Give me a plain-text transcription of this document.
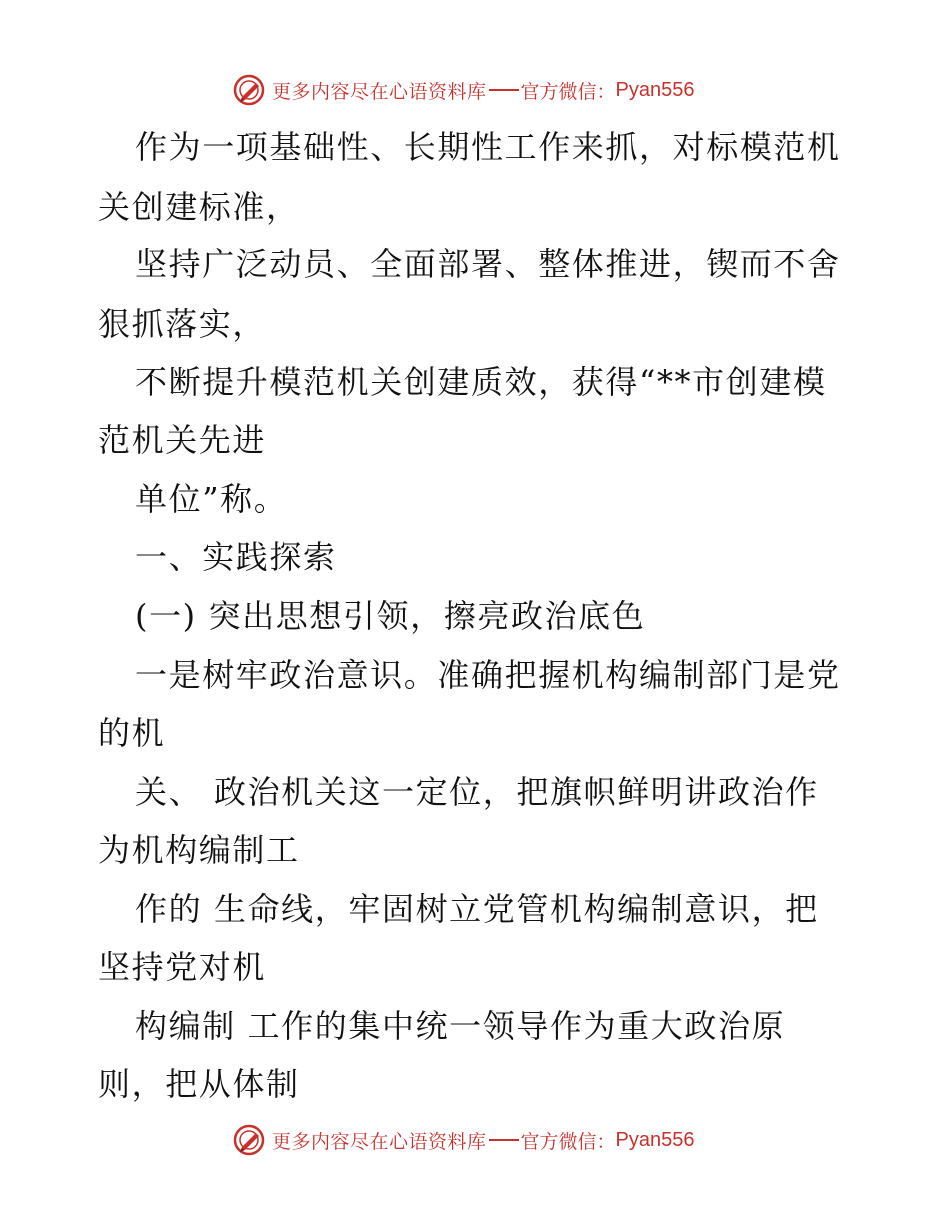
更多内容尽在心语资料库 官方微信： Pyan556
作为一项基础性、长期性工作来抓，对标模范机
关创建标准，
坚持广泛动员、全面部署、整体推进，锲而不舍
狠抓落实，
不断提升模范机关创建质效，获得“**市创建模
范机关先进
单位”称。
一、实践探索
(一) 突出思想引领，擦亮政治底色
一是树牢政治意识。准确把握机构编制部门是党
的机
关、 政治机关这一定位，把旗帜鲜明讲政治作
为机构编制工
作的 生命线，牢固树立党管机构编制意识，把
坚持党对机
构编制 工作的集中统一领导作为重大政治原
则，把从体制
更多内容尽在心语资料库 官方微信： Pyan556
